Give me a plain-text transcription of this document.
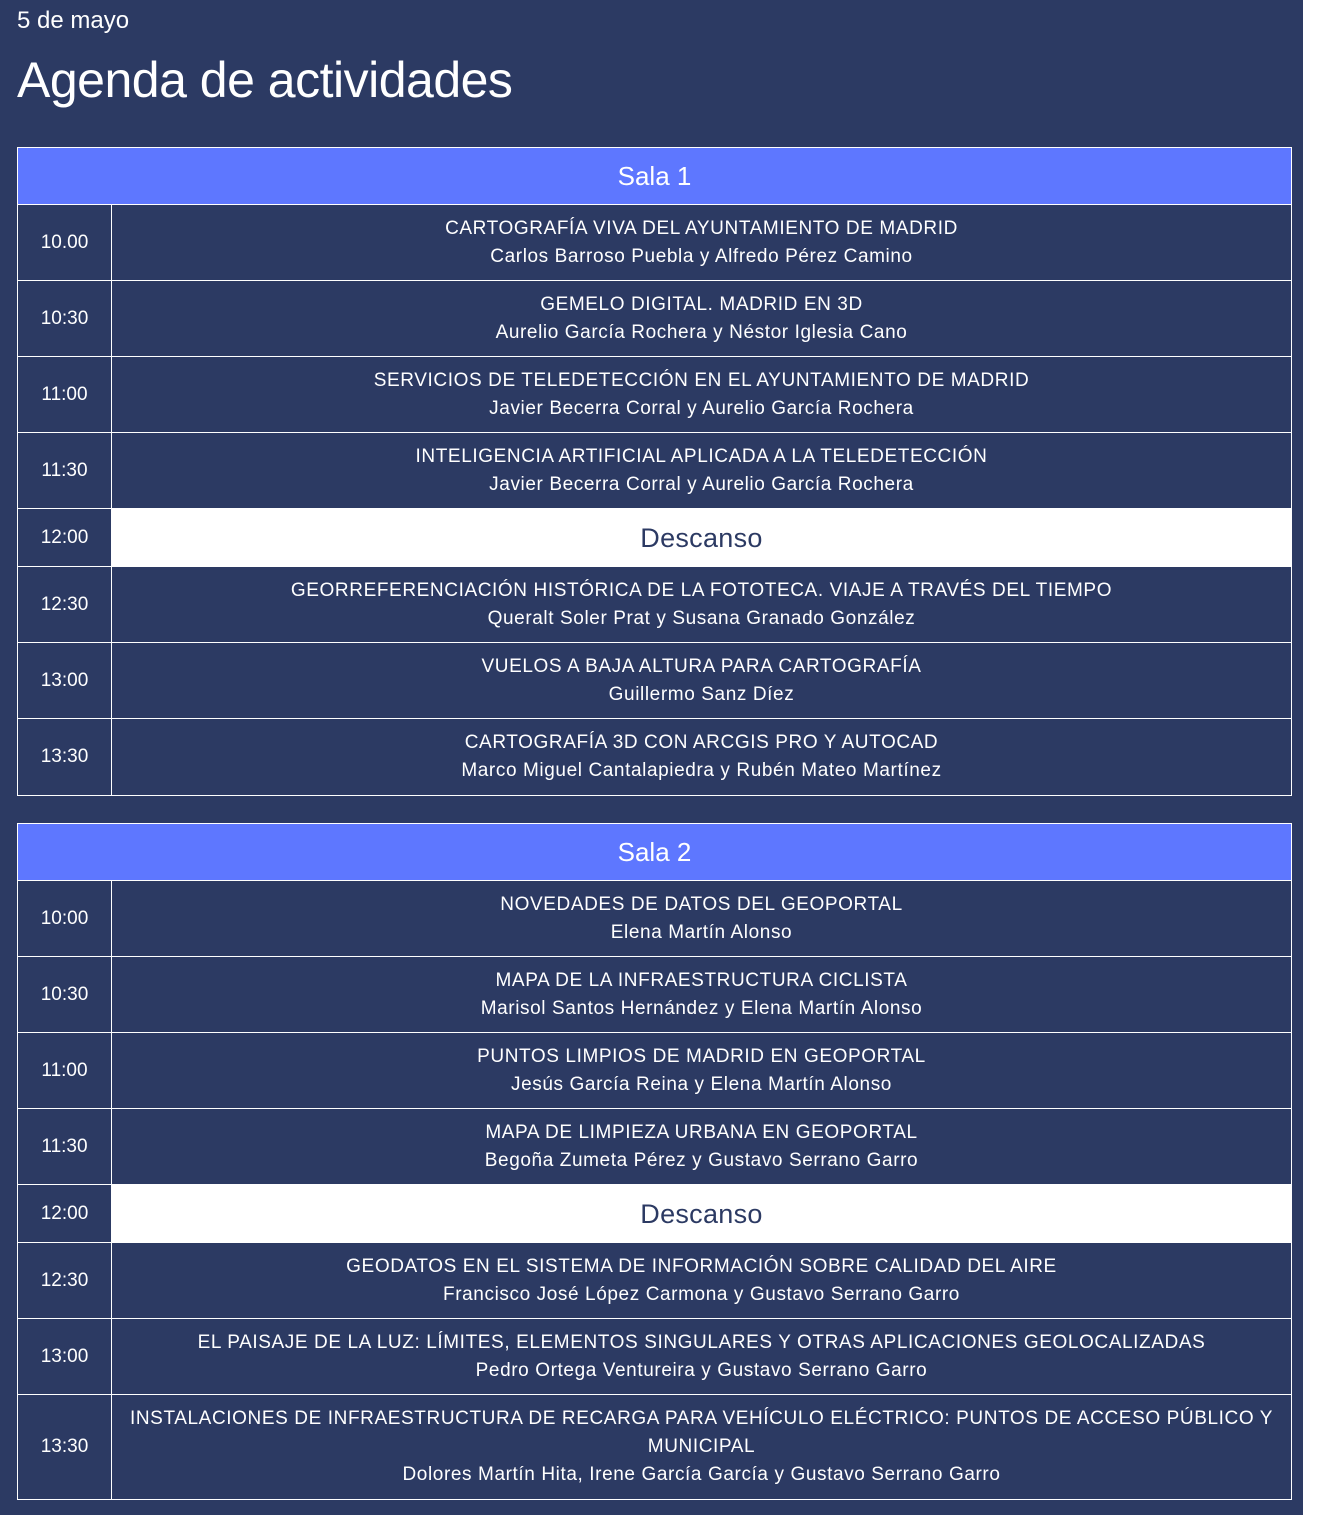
5 de mayo
Agenda de actividades
Sala 1
10.00
CARTOGRAFÍA VIVA DEL AYUNTAMIENTO DE MADRID
Carlos Barroso Puebla y Alfredo Pérez Camino
10:30
GEMELO DIGITAL. MADRID EN 3D
Aurelio García Rochera y Néstor Iglesia Cano
11:00
SERVICIOS DE TELEDETECCIÓN EN EL AYUNTAMIENTO DE MADRID
Javier Becerra Corral y Aurelio García Rochera
11:30
INTELIGENCIA ARTIFICIAL APLICADA A LA TELEDETECCIÓN
Javier Becerra Corral y Aurelio García Rochera
12:00	Descanso
12:30
GEORREFERENCIACIÓN HISTÓRICA DE LA FOTOTECA. VIAJE A TRAVÉS DEL TIEMPO
Queralt Soler Prat y Susana Granado González
13:00
VUELOS A BAJA ALTURA PARA CARTOGRAFÍA
Guillermo Sanz Díez
13:30
CARTOGRAFÍA 3D CON ARCGIS PRO Y AUTOCAD
Marco Miguel Cantalapiedra y Rubén Mateo Martínez
Sala 2
10:00
NOVEDADES DE DATOS DEL GEOPORTAL
Elena Martín Alonso
10:30
MAPA DE LA INFRAESTRUCTURA CICLISTA
Marisol Santos Hernández y Elena Martín Alonso
11:00
PUNTOS LIMPIOS DE MADRID EN GEOPORTAL
Jesús García Reina y Elena Martín Alonso
11:30
MAPA DE LIMPIEZA URBANA EN GEOPORTAL
Begoña Zumeta Pérez y Gustavo Serrano Garro
12:00	Descanso
12:30
GEODATOS EN EL SISTEMA DE INFORMACIÓN SOBRE CALIDAD DEL AIRE
Francisco José López Carmona y Gustavo Serrano Garro
13:00
EL PAISAJE DE LA LUZ: LÍMITES, ELEMENTOS SINGULARES Y OTRAS APLICACIONES GEOLOCALIZADAS
Pedro Ortega Ventureira y Gustavo Serrano Garro
13:30
INSTALACIONES DE INFRAESTRUCTURA DE RECARGA PARA VEHÍCULO ELÉCTRICO: PUNTOS DE ACCESO PÚBLICO Y MUNICIPAL
Dolores Martín Hita, Irene García García y Gustavo Serrano Garro
